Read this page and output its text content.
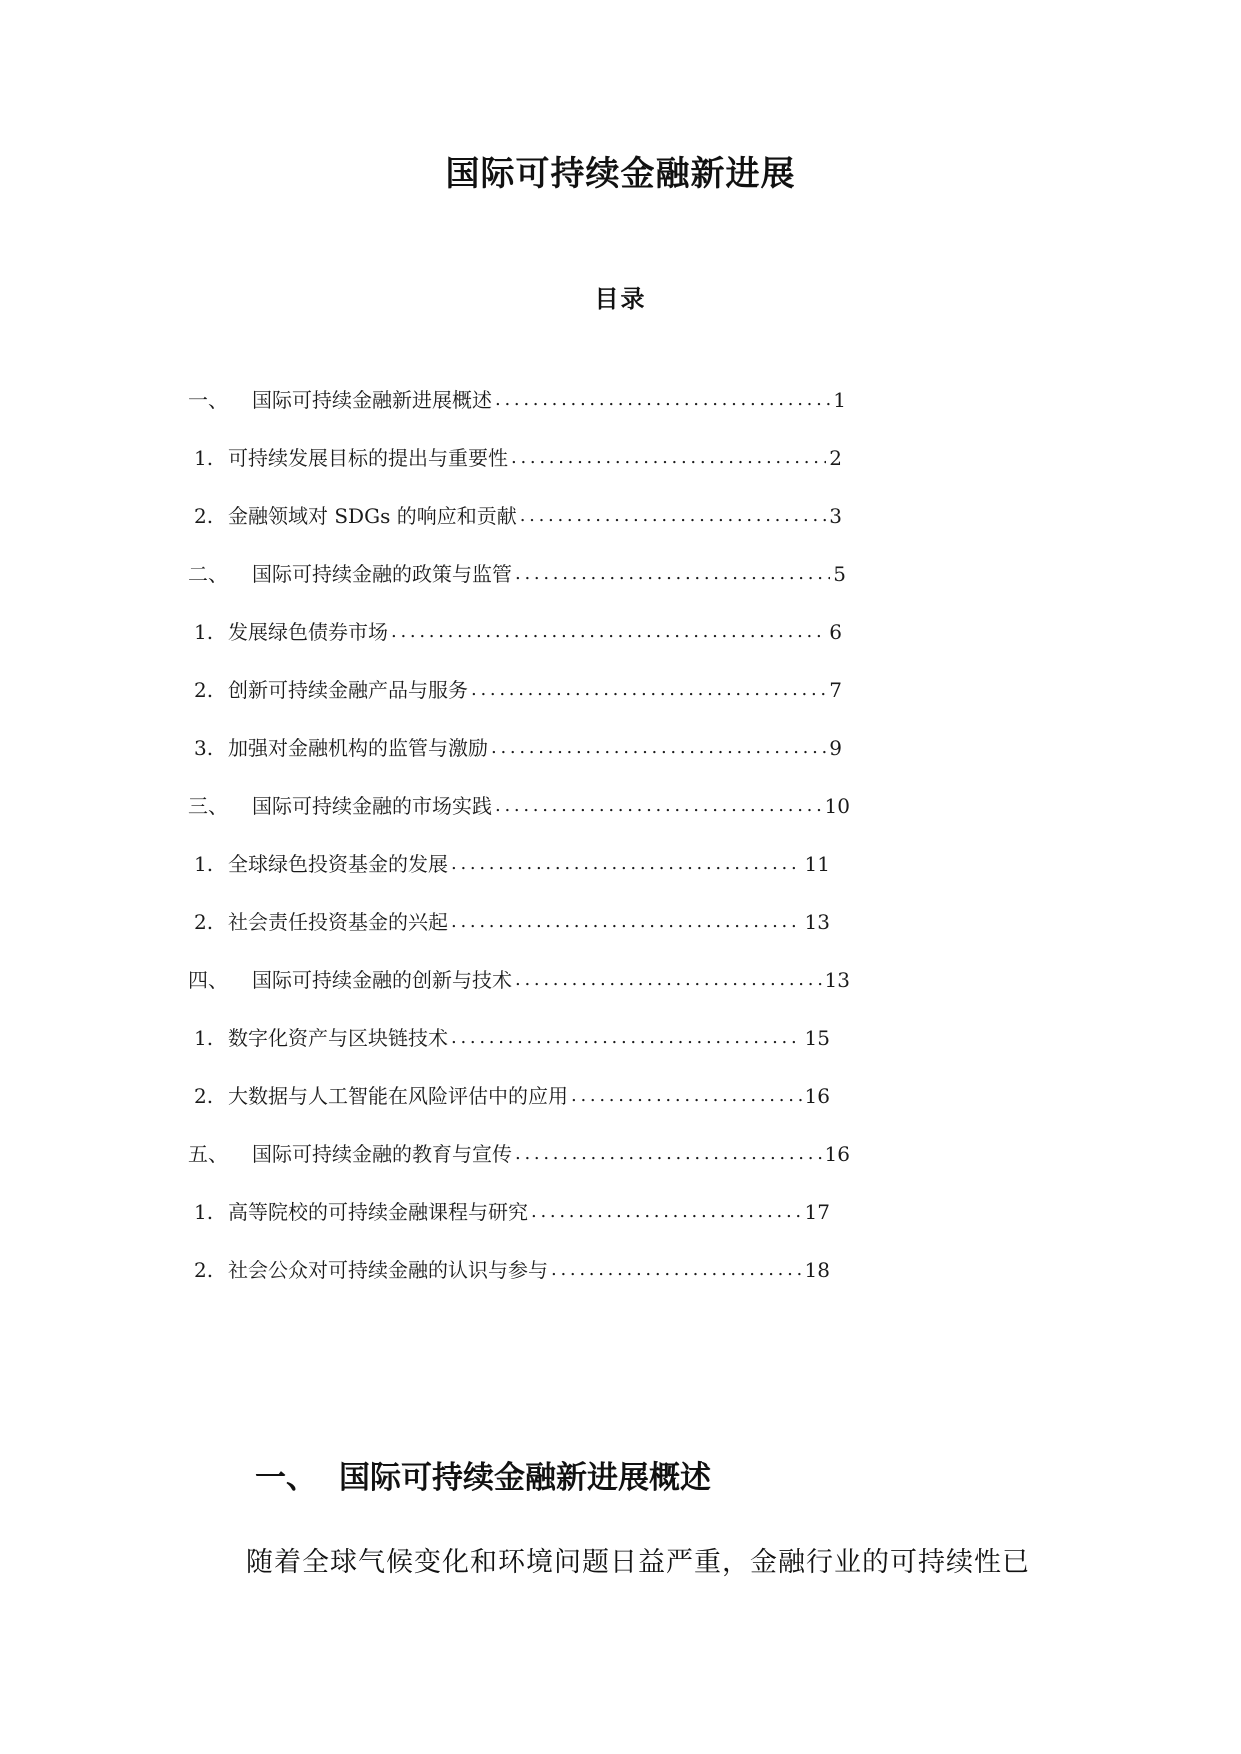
国际可持续金融新进展
目录
一、	国际可持续金融新进展概述 . . .	1
1. 可持续发展目标的提出与重要性 . . .	2
2. 金融领域对 SDGs 的响应和贡献 . . .	3
二、	国际可持续金融的政策与监管 . . .	5
1. 发展绿色债券市场 . . .	6
2. 创新可持续金融产品与服务 . . .	7
3. 加强对金融机构的监管与激励 . . .	9
三、	国际可持续金融的市场实践 . . .	10
1. 全球绿色投资基金的发展 . . .	11
2. 社会责任投资基金的兴起 . . .	13
四、	国际可持续金融的创新与技术 . . .	13
1. 数字化资产与区块链技术 . . .	15
2. 大数据与人工智能在风险评估中的应用 . . .	16
五、	国际可持续金融的教育与宣传 . . .	16
1. 高等院校的可持续金融课程与研究 . . .	17
2. 社会公众对可持续金融的认识与参与 . . .	18
一、 国际可持续金融新进展概述
随着全球气候变化和环境问题日益严重，金融行业的可持续性已
